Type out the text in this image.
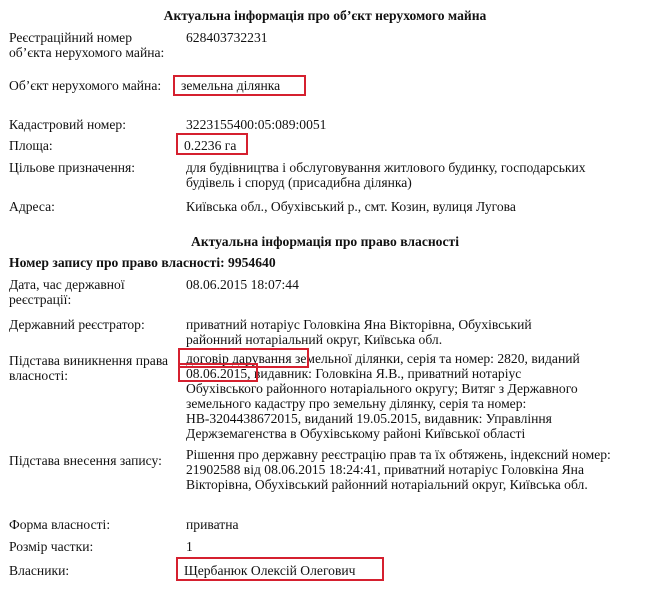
Актуальна інформація про об’єкт нерухомого майна
Реєстраційний номер об’єкта нерухомого майна:
628403732231
Об’єкт нерухомого майна:	земельна ділянка
Кадастровий номер:	3223155400:05:089:0051
Площа:	0.2236 га
Цільове призначення:	для будівництва і обслуговування житлового будинку, господарських будівель і споруд (присадибна ділянка)
Адреса:	Київська обл., Обухівський р., смт. Козин, вулиця Лугова
Актуальна інформація про право власності
Номер запису про право власності: 9954640
Дата, час державної реєстрації:
08.06.2015 18:07:44
Державний реєстратор:	приватний нотаріус Головкіна Яна Вікторівна, Обухівський районний нотаріальний округ, Київська обл.
Підстава виникнення права власності:
договір дарування земельної ділянки, серія та номер: 2820, виданий 08.06.2015, видавник: Головкіна Я.В., приватний нотаріус Обухівського районного нотаріального округу; Витяг з Державного земельного кадастру про земельну ділянку, серія та номер: НВ-3204438672015, виданий 19.05.2015, видавник: Управління Держземагенства в Обухівському районі Київської області
Підстава внесення запису:	Рішення про державну реєстрацію прав та їх обтяжень, індексний номер: 21902588 від 08.06.2015 18:24:41, приватний нотаріус Головкіна Яна Вікторівна, Обухівський районний нотаріальний округ, Київська обл.
Форма власності:	приватна
Розмір частки:	1
Власники:	Щербанюк Олексій Олегович
